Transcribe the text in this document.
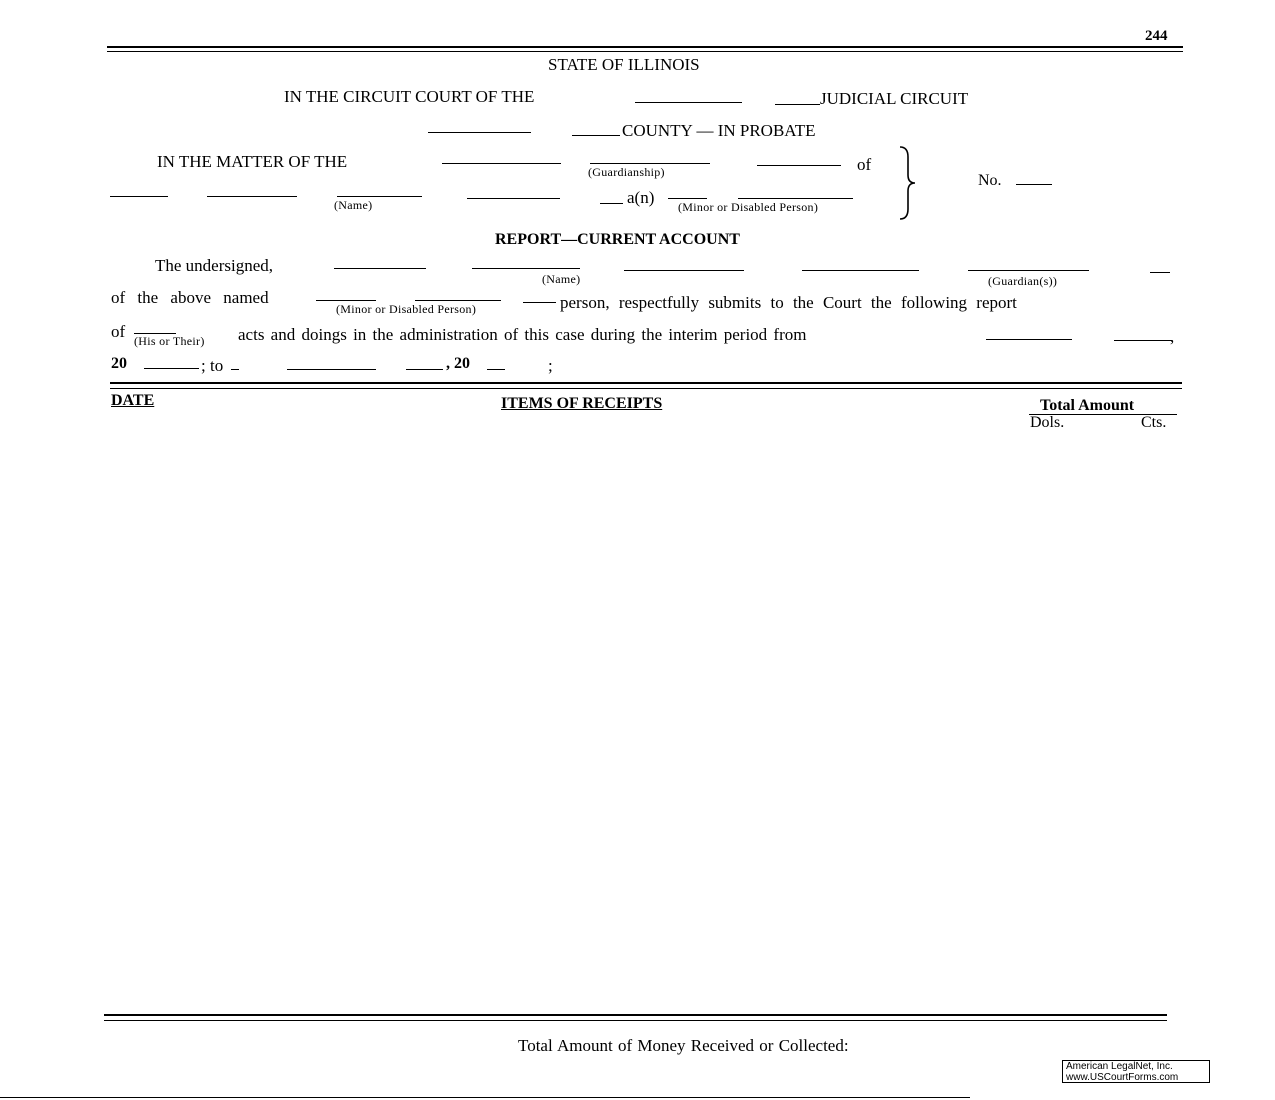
244
STATE OF ILLINOIS
IN THE CIRCUIT COURT OF THE	JUDICIAL CIRCUIT
COUNTY — IN PROBATE
IN THE MATTER OF THE
(Guardianship)	of
No.
(Name)	a(n) (Minor or Disabled Person)
REPORT—CURRENT ACCOUNT
The undersigned,
(Name)	(Guardian(s))
of the above named
(Minor or Disabled Person)	person, respectfully submits to the Court the following report
of (His or Their) acts and doings in the administration of this case during the interim period from	,
20	; to	, 20	;
DATE	ITEMS OF RECEIPTS	Total Amount
Dols.	Cts.
Total Amount of Money Received or Collected:
American LegalNet, Inc.
www.USCourtForms.com
